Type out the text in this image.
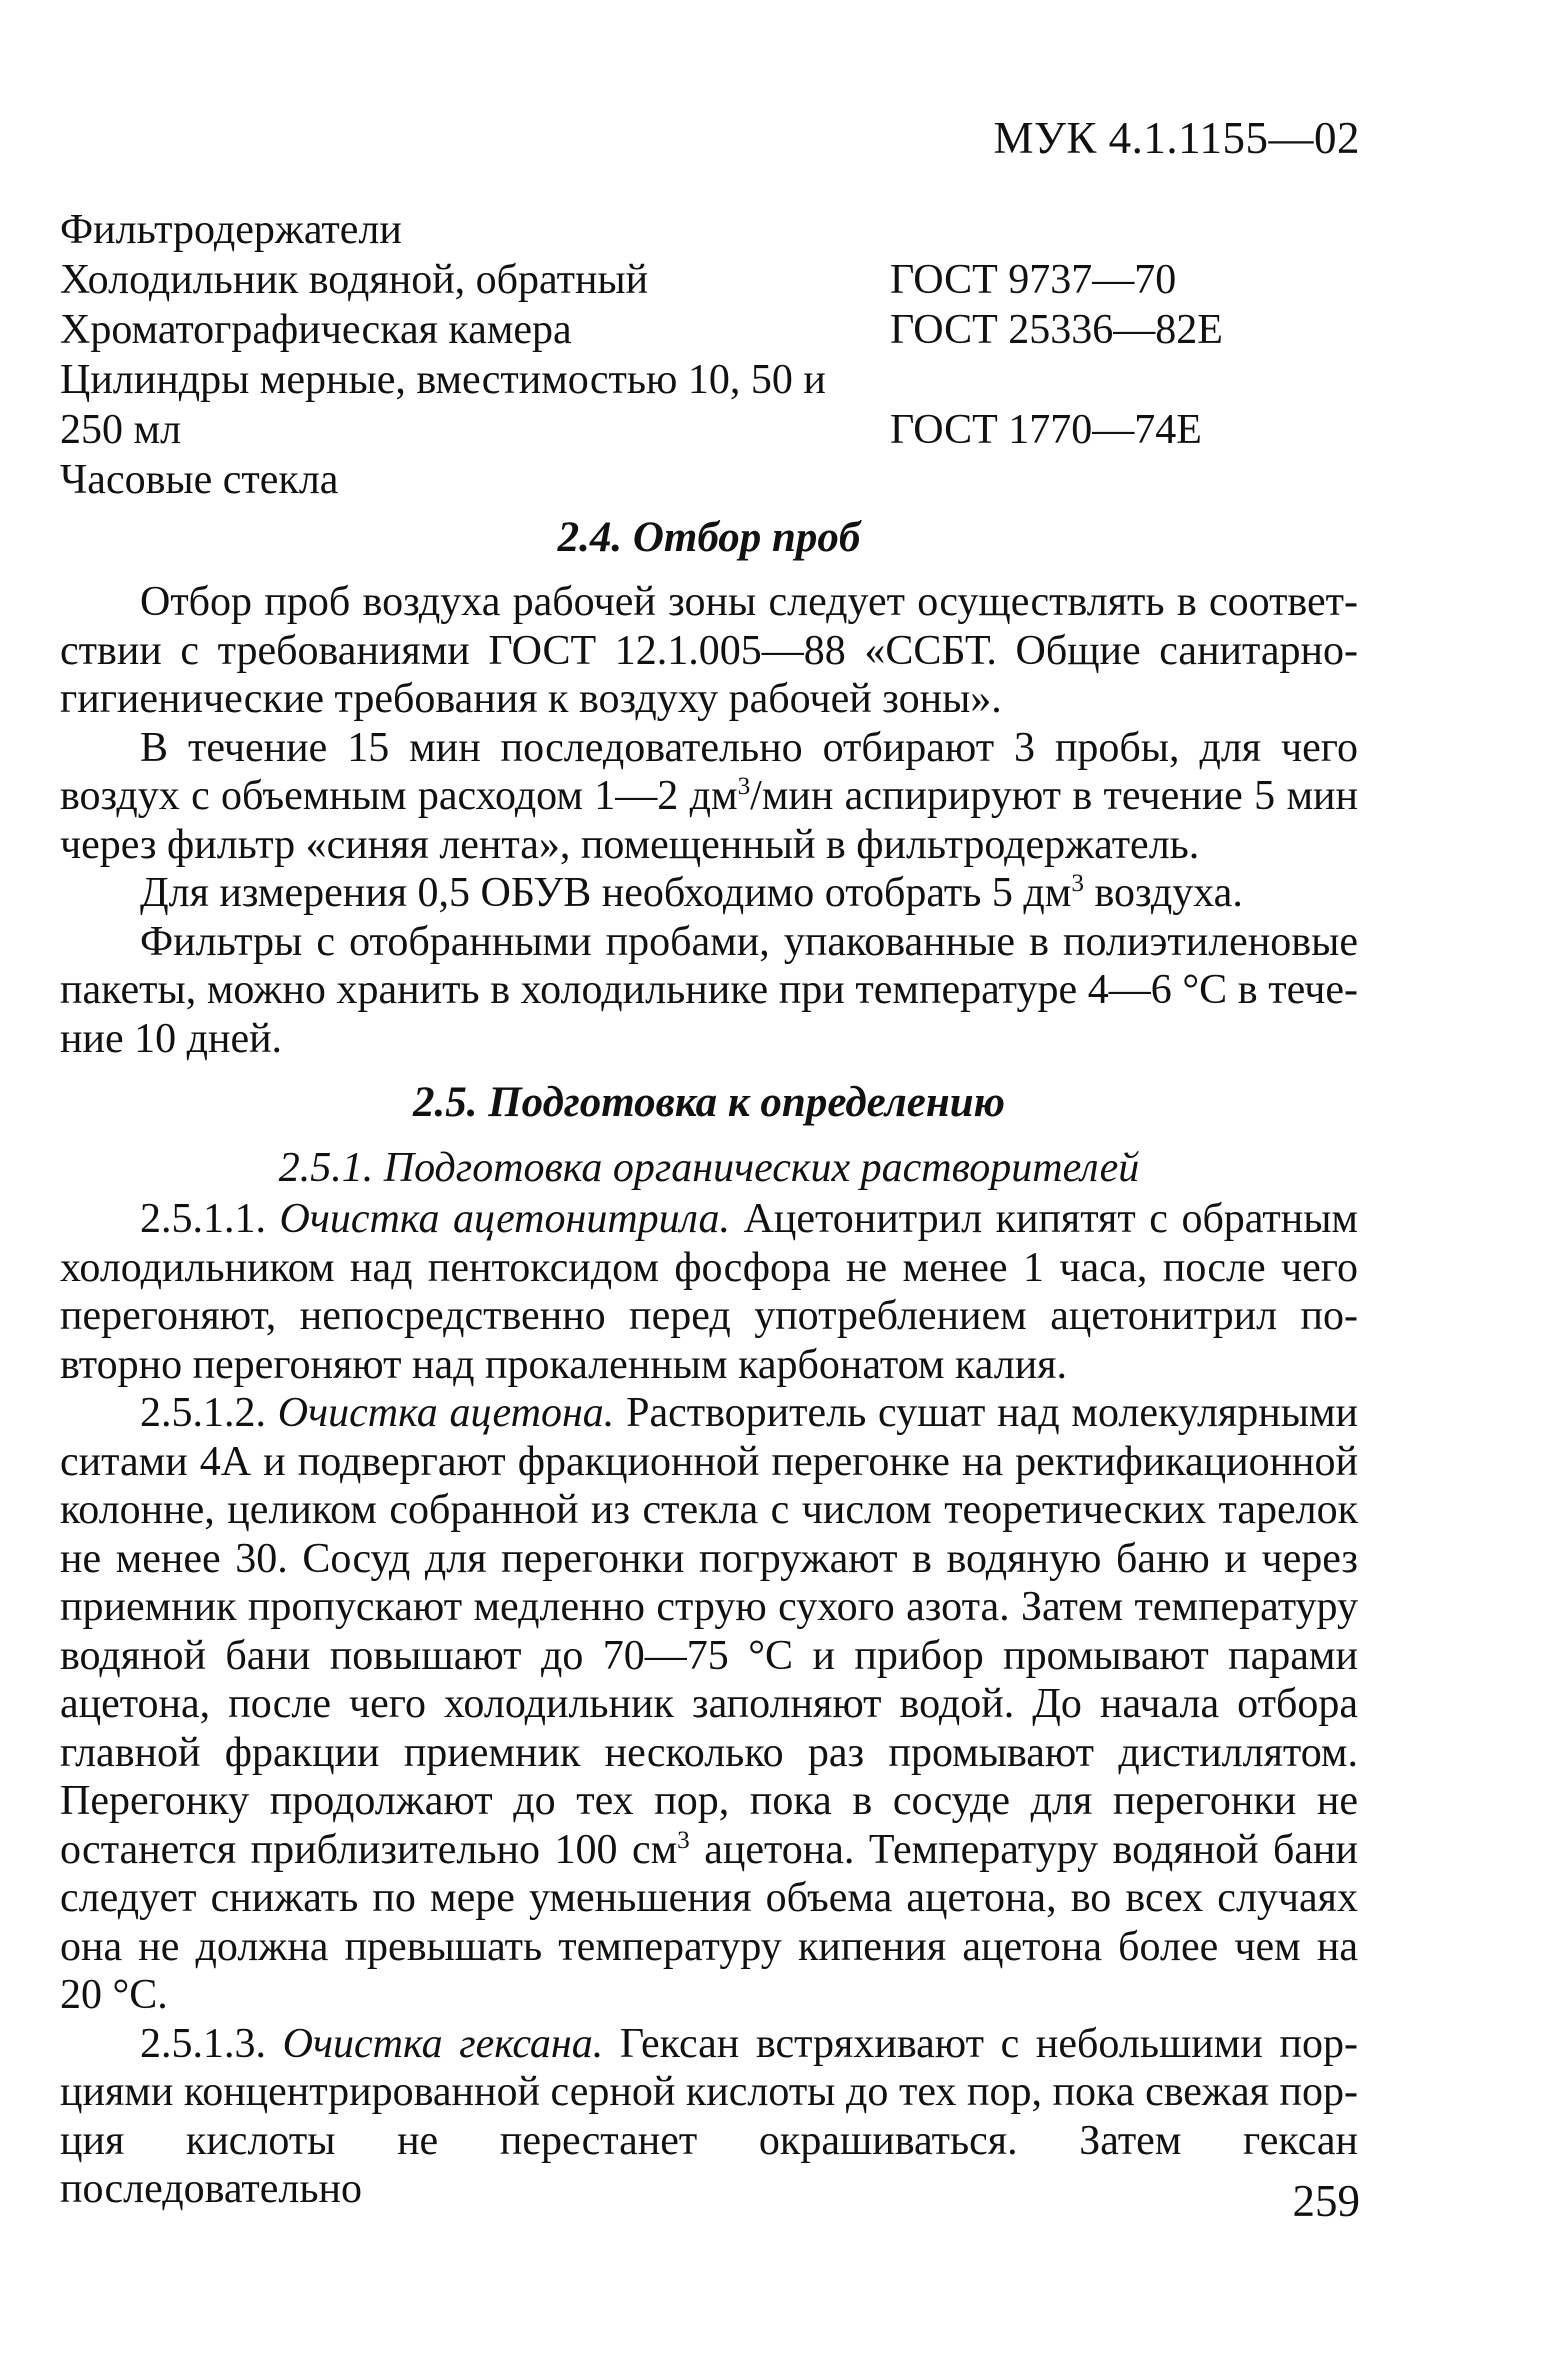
МУК 4.1.1155—02
Фильтродержатели
Холодильник водяной, обратный	ГОСТ 9737—70
Хроматографическая камера	ГОСТ 25336—82Е
Цилиндры мерные, вместимостью 10, 50 и
250 мл	ГОСТ 1770—74Е
Часовые стекла
2.4. Отбор проб

Отбор проб воздуха рабочей зоны следует осуществлять в соответствии с требованиями ГОСТ 12.1.005—88 «ССБТ. Общие санитарно-гигиенические требования к воздуху рабочей зоны».

В течение 15 мин последовательно отбирают 3 пробы, для чего воздух с объемным расходом 1—2 $дм^3$/мин аспирируют в течение 5 мин через фильтр «синяя лента», помещенный в фильтродержатель.

Для измерения 0,5 ОБУВ необходимо отобрать 5 $дм^3$ воздуха.

Фильтры с отобранными пробами, упакованные в полиэтиленовые пакеты, можно хранить в холодильнике при температуре 4—6 °С в течение 10 дней.

2.5. Подготовка к определению
2.5.1. Подготовка органических растворителей

2.5.1.1. Очистка ацетонитрила. Ацетонитрил кипятят с обратным холодильником над пентоксидом фосфора не менее 1 часа, после чего перегоняют, непосредственно перед употреблением ацетонитрил повторно перегоняют над прокаленным карбонатом калия.

2.5.1.2. Очистка ацетона. Растворитель сушат над молекулярными ситами 4А и подвергают фракционной перегонке на ректификационной колонне, целиком собранной из стекла с числом теоретических тарелок не менее 30. Сосуд для перегонки погружают в водяную баню и через приемник пропускают медленно струю сухого азота. Затем температуру водяной бани повышают до 70—75 °С и прибор промывают парами ацетона, после чего холодильник заполняют водой. До начала отбора главной фракции приемник несколько раз промывают дистиллятом. Перегонку продолжают до тех пор, пока в сосуде для перегонки не останется приблизительно 100 $см^3$ ацетона. Температуру водяной бани следует снижать по мере уменьшения объема ацетона, во всех случаях она не должна превышать температуру кипения ацетона более чем на 20 °С.

2.5.1.3. Очистка гексана. Гексан встряхивают с небольшими порциями концентрированной серной кислоты до тех пор, пока свежая порция кислоты не перестанет окрашиваться. Затем гексан последовательно	259
